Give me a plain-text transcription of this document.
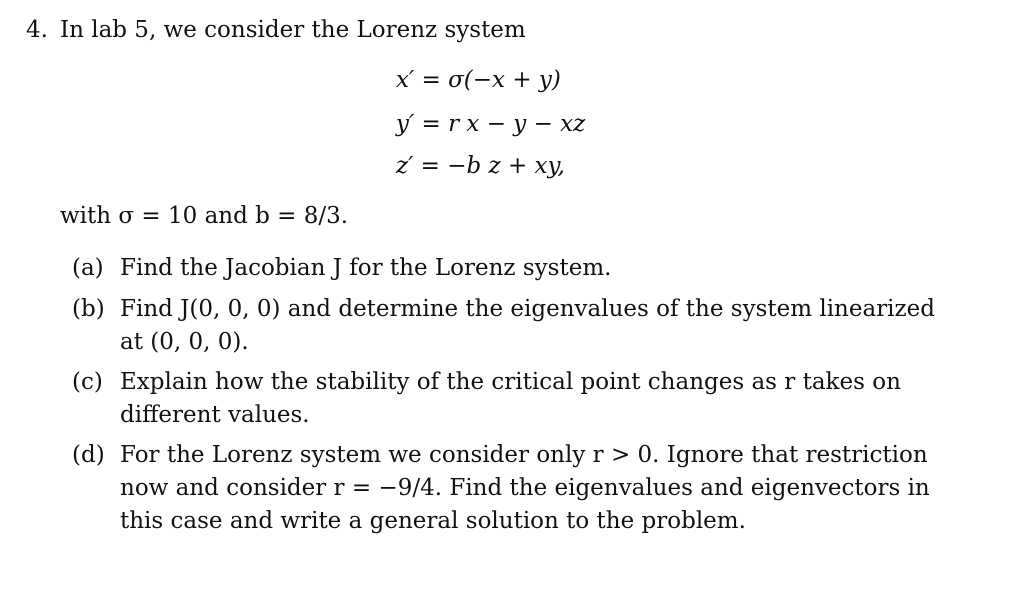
4. In lab 5, we consider the Lorenz system
x′ = σ(−x + y)
y′ = r x − y − xz
z′ = −b z + xy,
with σ = 10 and b = 8/3.
(a) Find the Jacobian J for the Lorenz system.
(b) Find J(0, 0, 0) and determine the eigenvalues of the system linearized
at (0, 0, 0).
(c) Explain how the stability of the critical point changes as r takes on
different values.
(d) For the Lorenz system we consider only r > 0. Ignore that restriction
now and consider r = −9/4. Find the eigenvalues and eigenvectors in
this case and write a general solution to the problem.
